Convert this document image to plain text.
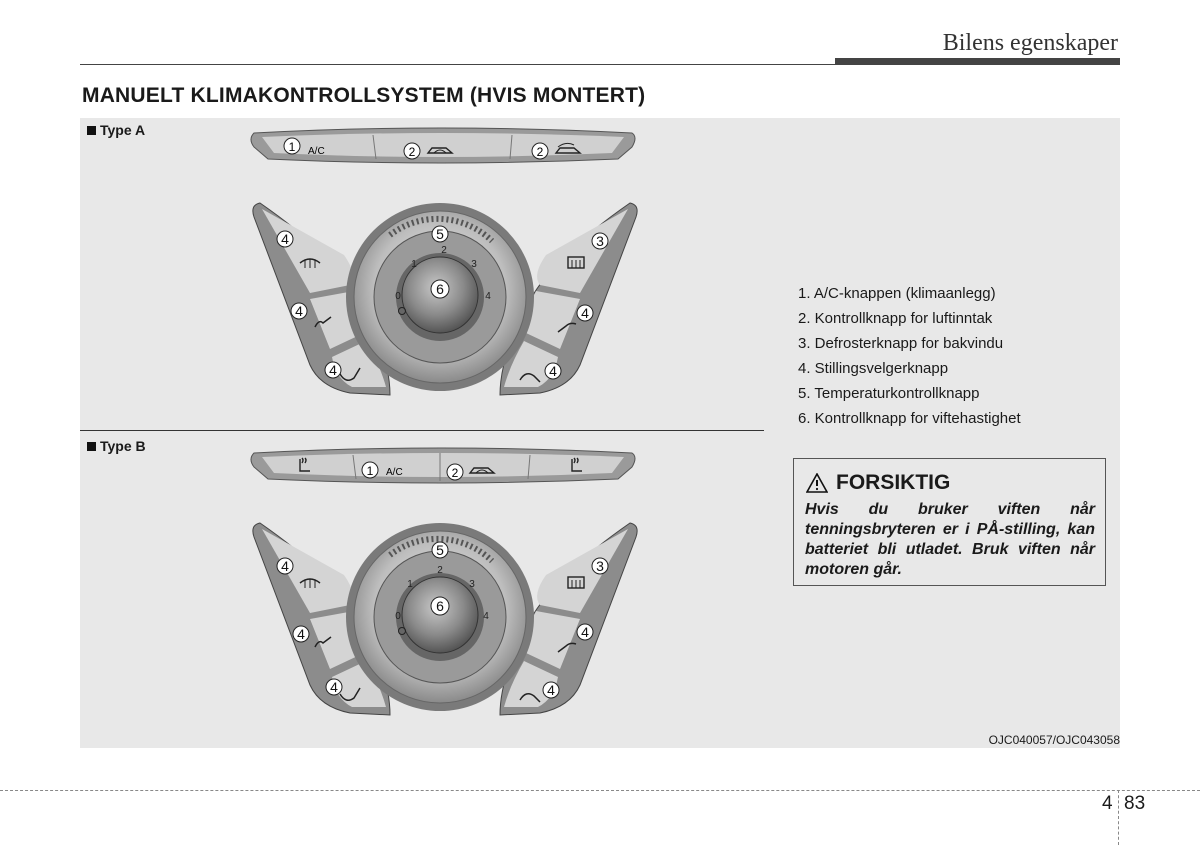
Bilens egenskaper
MANUELT KLIMAKONTROLLSYSTEM (HVIS MONTERT)
Type A
Type B
1 A/C	2	2
0
1
2
3
4
5
6
4
4
4
3
4
4
1 A/C	2
0
1
2
3
4
5
6
4
4
4
3
4
4
1. A/C-knappen (klimaanlegg)
2. Kontrollknapp for luftinntak
3. Defrosterknapp for bakvindu
4. Stillingsvelgerknapp
5. Temperaturkontrollknapp
6. Kontrollknapp for viftehastighet
FORSIKTIG
Hvis du bruker viften når tenningsbryteren er i PÅ-stilling, kan batteriet bli utladet. Bruk viften når motoren går.
OJC040057/OJC043058
4 83
